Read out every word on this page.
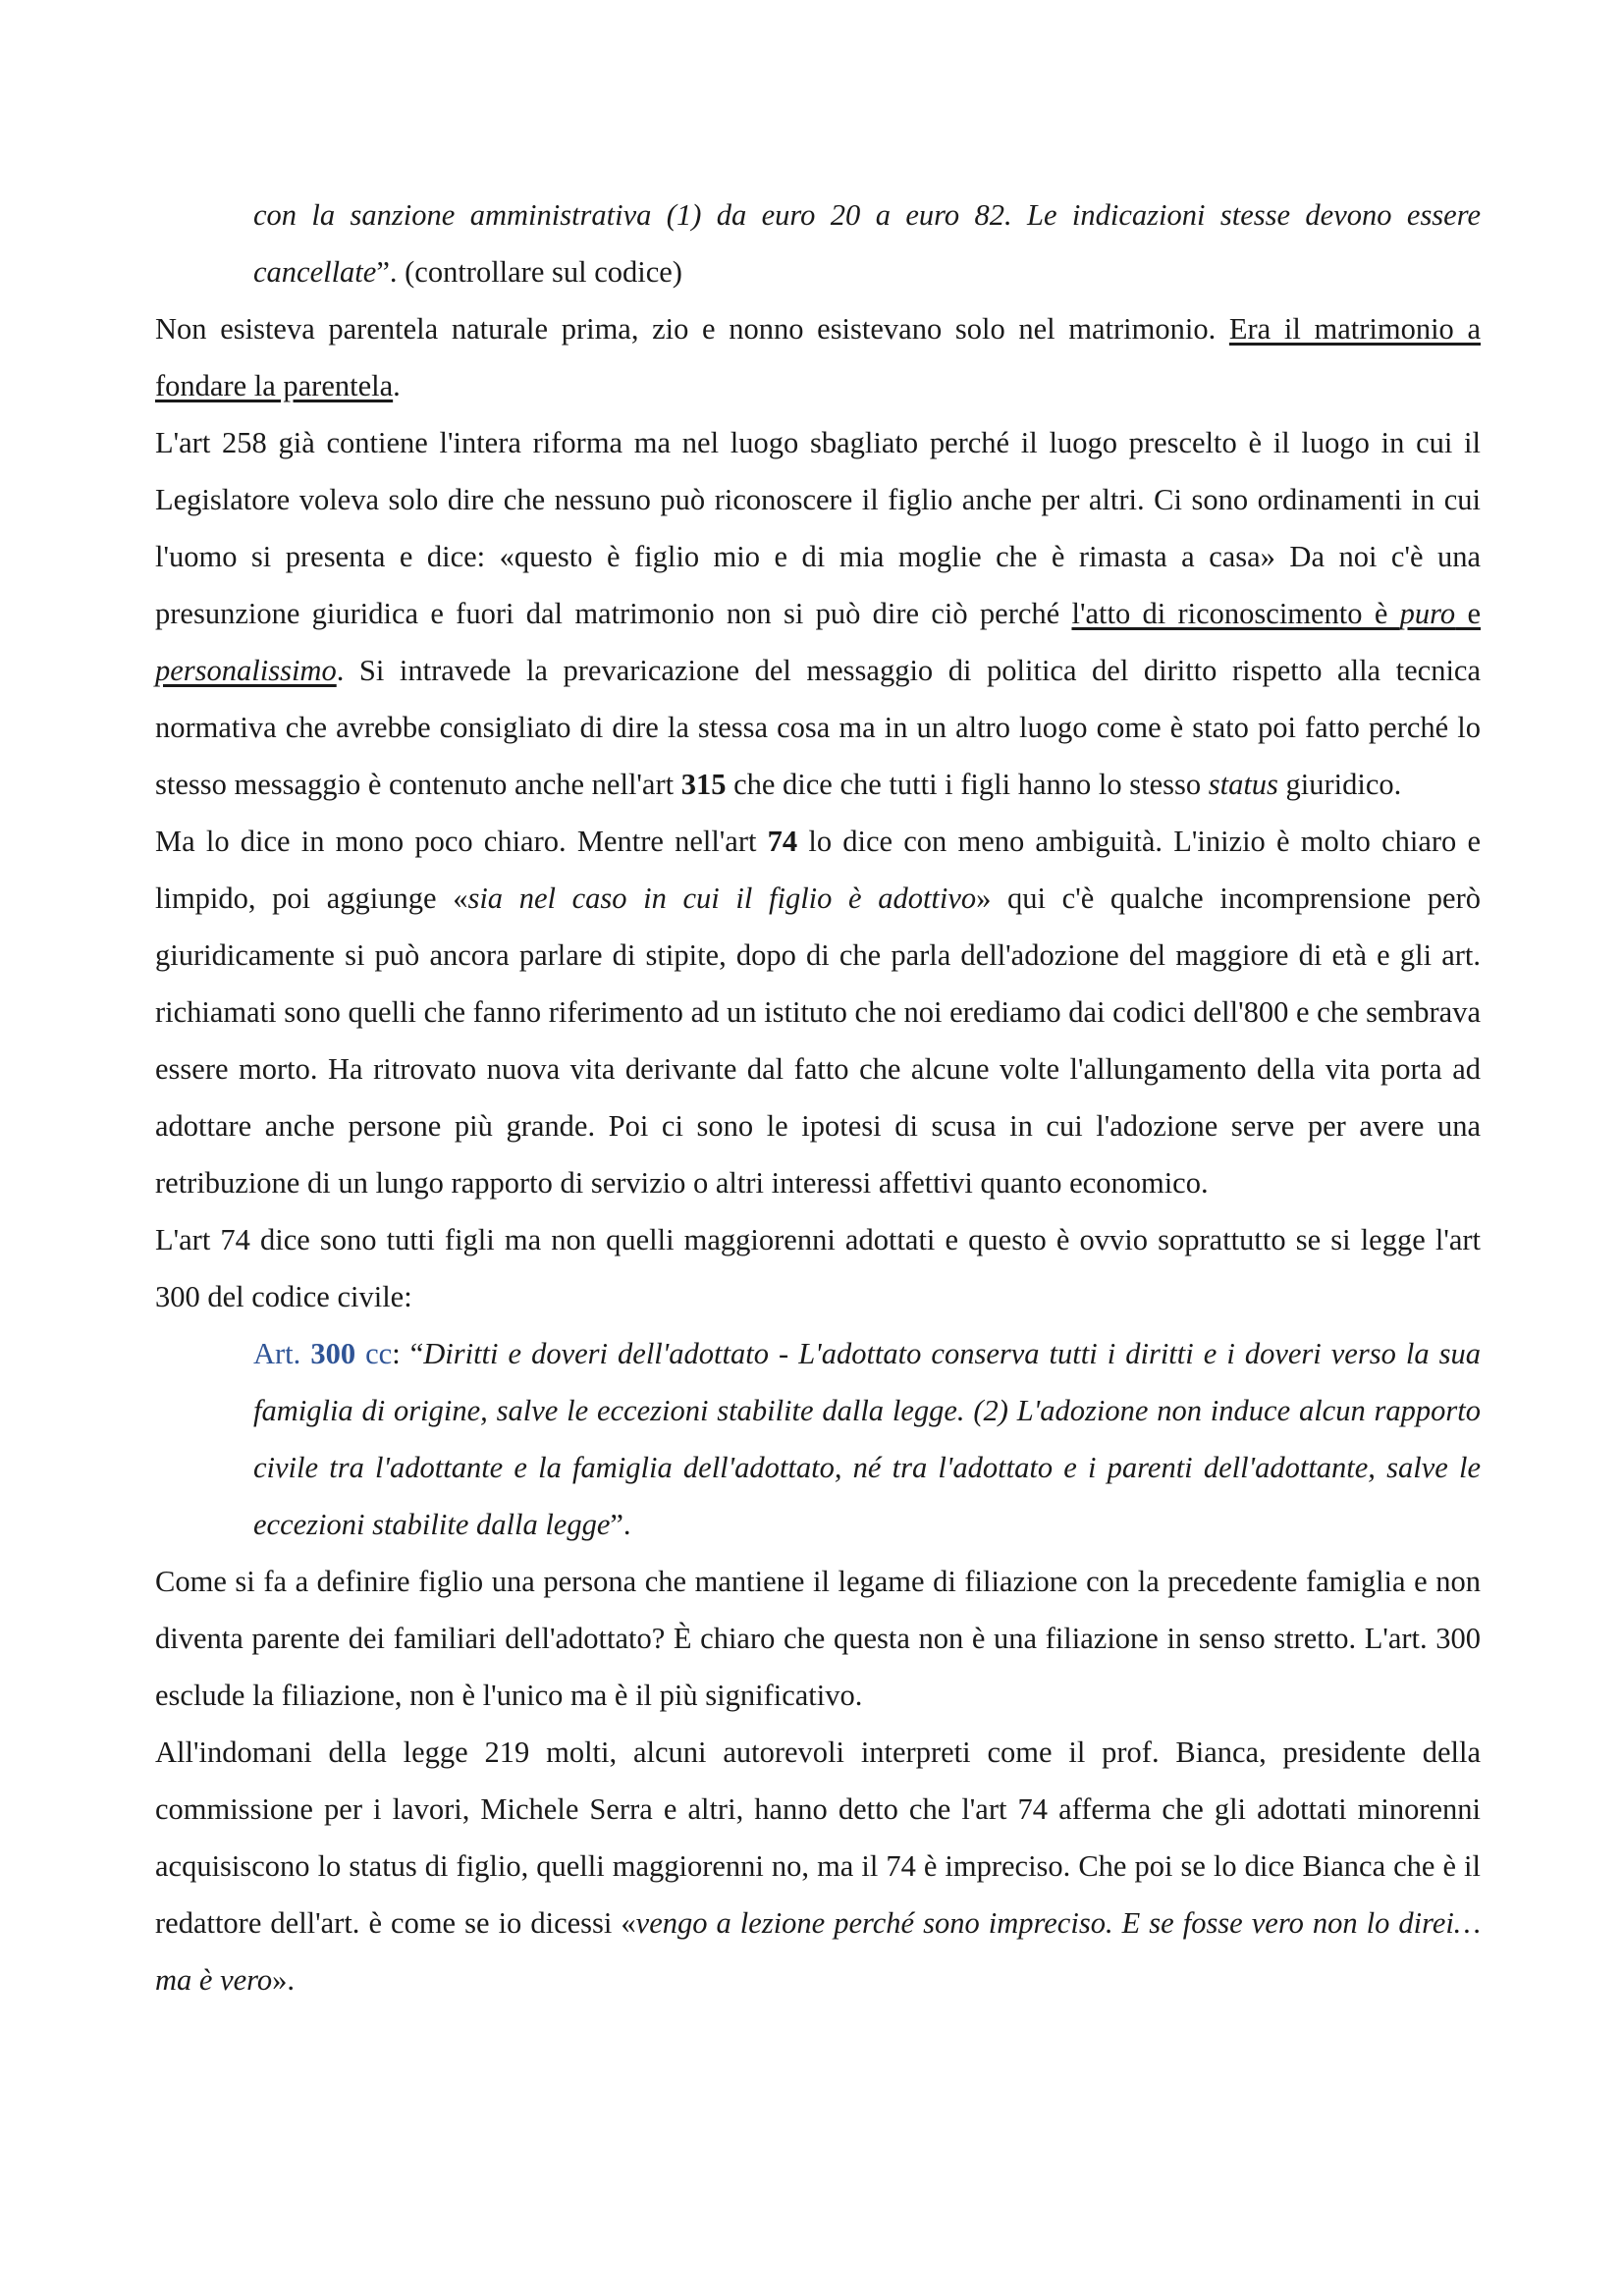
con la sanzione amministrativa (1) da euro 20 a euro 82. Le indicazioni stesse devono essere cancellate”. (controllare sul codice)

Non esisteva parentela naturale prima, zio e nonno esistevano solo nel matrimonio. Era il matrimonio a fondare la parentela.

L'art 258 già contiene l'intera riforma ma nel luogo sbagliato perché il luogo prescelto è il luogo in cui il Legislatore voleva solo dire che nessuno può riconoscere il figlio anche per altri. Ci sono ordinamenti in cui l'uomo si presenta e dice: «questo è figlio mio e di mia moglie che è rimasta a casa» Da noi c'è una presunzione giuridica e fuori dal matrimonio non si può dire ciò perché l'atto di riconoscimento è puro e personalissimo. Si intravede la prevaricazione del messaggio di politica del diritto rispetto alla tecnica normativa che avrebbe consigliato di dire la stessa cosa ma in un altro luogo come è stato poi fatto perché lo stesso messaggio è contenuto anche nell'art 315 che dice che tutti i figli hanno lo stesso status giuridico.

Ma lo dice in mono poco chiaro. Mentre nell'art 74 lo dice con meno ambiguità. L'inizio è molto chiaro e limpido, poi aggiunge «sia nel caso in cui il figlio è adottivo» qui c'è qualche incomprensione però giuridicamente si può ancora parlare di stipite, dopo di che parla dell'adozione del maggiore di età e gli art. richiamati sono quelli che fanno riferimento ad un istituto che noi erediamo dai codici dell'800 e che sembrava essere morto. Ha ritrovato nuova vita derivante dal fatto che alcune volte l'allungamento della vita porta ad adottare anche persone più grande. Poi ci sono le ipotesi di scusa in cui l'adozione serve per avere una retribuzione di un lungo rapporto di servizio o altri interessi affettivi quanto economico.

L'art 74 dice sono tutti figli ma non quelli maggiorenni adottati e questo è ovvio soprattutto se si legge l'art 300 del codice civile:

Art. 300 cc: “Diritti e doveri dell'adottato - L'adottato conserva tutti i diritti e i doveri verso la sua famiglia di origine, salve le eccezioni stabilite dalla legge. (2) L'adozione non induce alcun rapporto civile tra l'adottante e la famiglia dell'adottato, né tra l'adottato e i parenti dell'adottante, salve le eccezioni stabilite dalla legge”.

Come si fa a definire figlio una persona che mantiene il legame di filiazione con la precedente famiglia e non diventa parente dei familiari dell'adottato? È chiaro che questa non è una filiazione in senso stretto. L'art. 300 esclude la filiazione, non è l'unico ma è il più significativo.

All'indomani della legge 219 molti, alcuni autorevoli interpreti come il prof. Bianca, presidente della commissione per i lavori, Michele Serra e altri, hanno detto che l'art 74 afferma che gli adottati minorenni acquisiscono lo status di figlio, quelli maggiorenni no, ma il 74 è impreciso. Che poi se lo dice Bianca che è il redattore dell'art. è come se io dicessi «vengo a lezione perché sono impreciso. E se fosse vero non lo direi… ma è vero».
